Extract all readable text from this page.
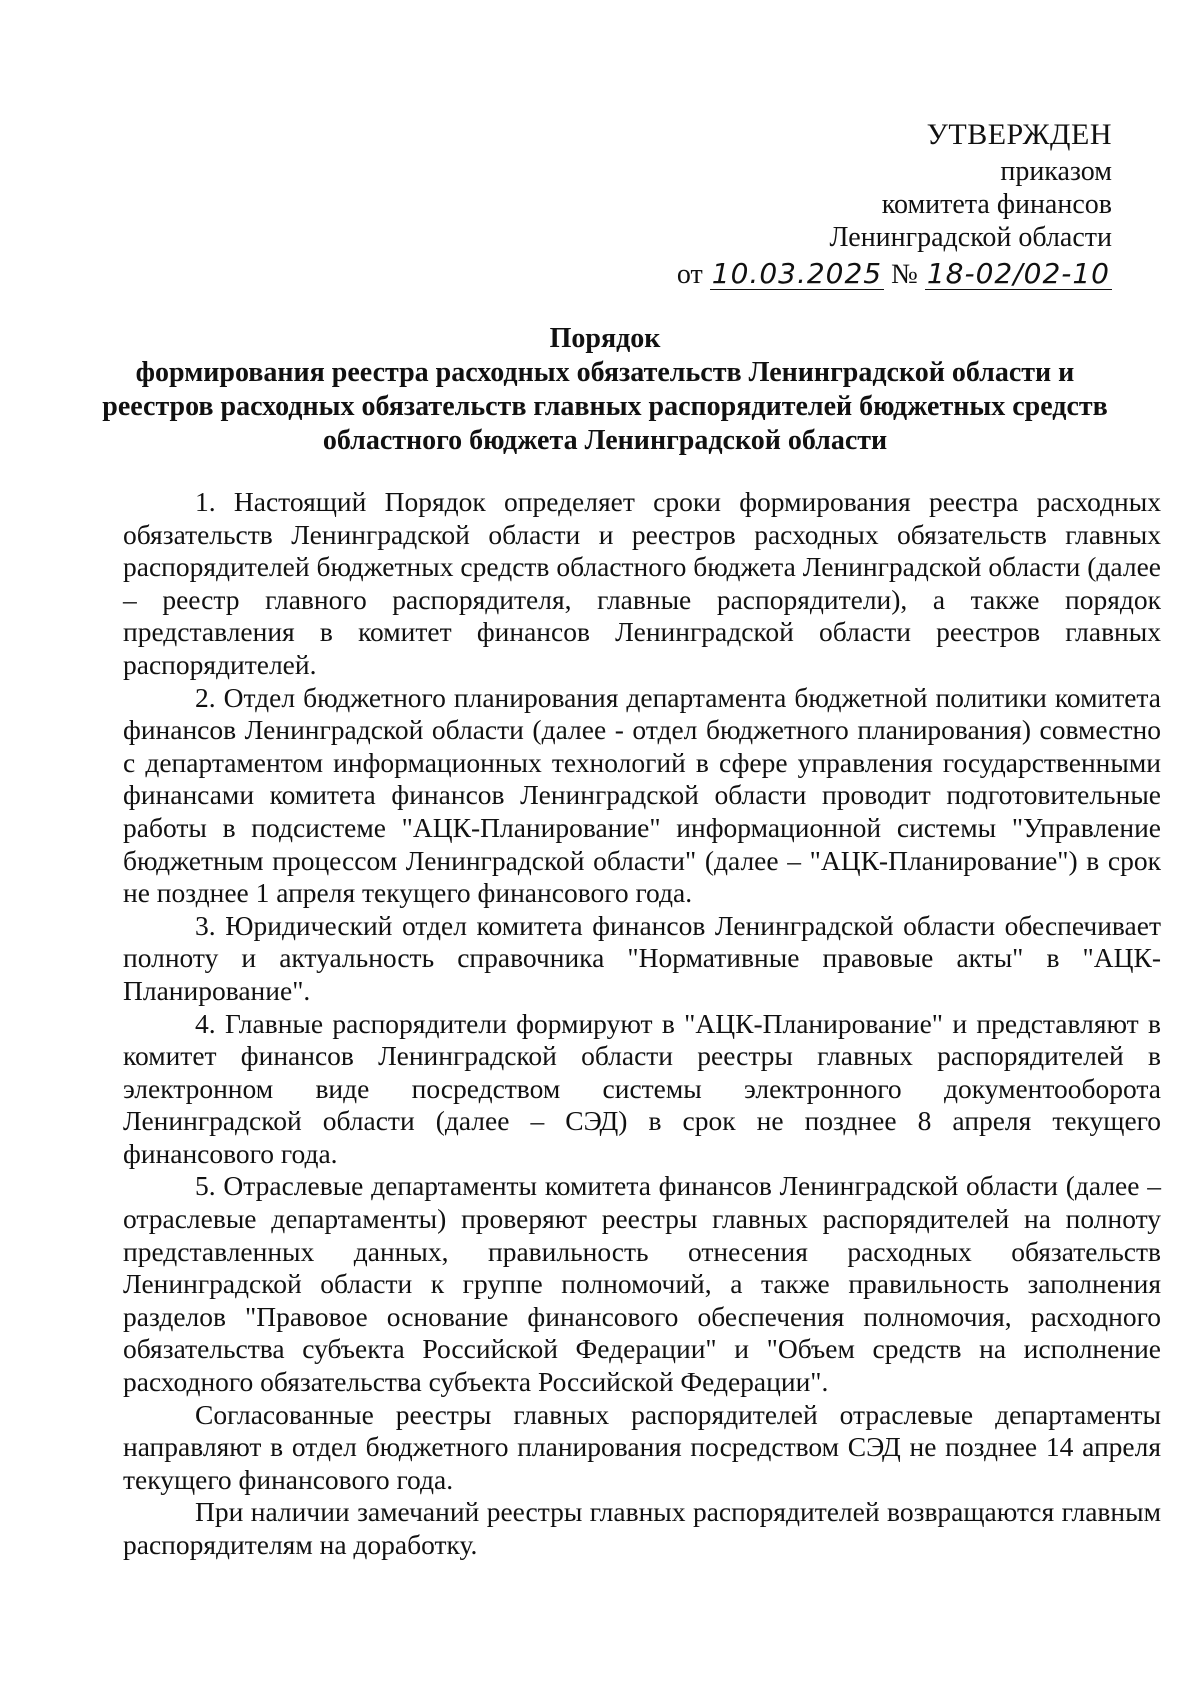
УТВЕРЖДЕН
приказом
комитета финансов
Ленинградской области
от 10.03.2025 № 18-02/02-10
Порядок
формирования реестра расходных обязательств Ленинградской области и
реестров расходных обязательств главных распорядителей бюджетных средств
областного бюджета Ленинградской области

1. Настоящий Порядок определяет сроки формирования реестра расходных обязательств Ленинградской области и реестров расходных обязательств главных распорядителей бюджетных средств областного бюджета Ленинградской области (далее – реестр главного распорядителя, главные распорядители), а также порядок представления в комитет финансов Ленинградской области реестров главных распорядителей.

2. Отдел бюджетного планирования департамента бюджетной политики комитета финансов Ленинградской области (далее - отдел бюджетного планирования) совместно с департаментом информационных технологий в сфере управления государственными финансами комитета финансов Ленинградской области проводит подготовительные работы в подсистеме "АЦК-Планирование" информационной системы "Управление бюджетным процессом Ленинградской области" (далее – "АЦК-Планирование") в срок не позднее 1 апреля текущего финансового года.

3. Юридический отдел комитета финансов Ленинградской области обеспечивает полноту и актуальность справочника "Нормативные правовые акты" в "АЦК-Планирование".

4. Главные распорядители формируют в "АЦК-Планирование" и представляют в комитет финансов Ленинградской области реестры главных распорядителей в электронном виде посредством системы электронного документооборота Ленинградской области (далее – СЭД) в срок не позднее 8 апреля текущего финансового года.

5. Отраслевые департаменты комитета финансов Ленинградской области (далее – отраслевые департаменты) проверяют реестры главных распорядителей на полноту представленных данных, правильность отнесения расходных обязательств Ленинградской области к группе полномочий, а также правильность заполнения разделов "Правовое основание финансового обеспечения полномочия, расходного обязательства субъекта Российской Федерации" и "Объем средств на исполнение расходного обязательства субъекта Российской Федерации".

Согласованные реестры главных распорядителей отраслевые департаменты направляют в отдел бюджетного планирования посредством СЭД не позднее 14 апреля текущего финансового года.

При наличии замечаний реестры главных распорядителей возвращаются главным распорядителям на доработку.
